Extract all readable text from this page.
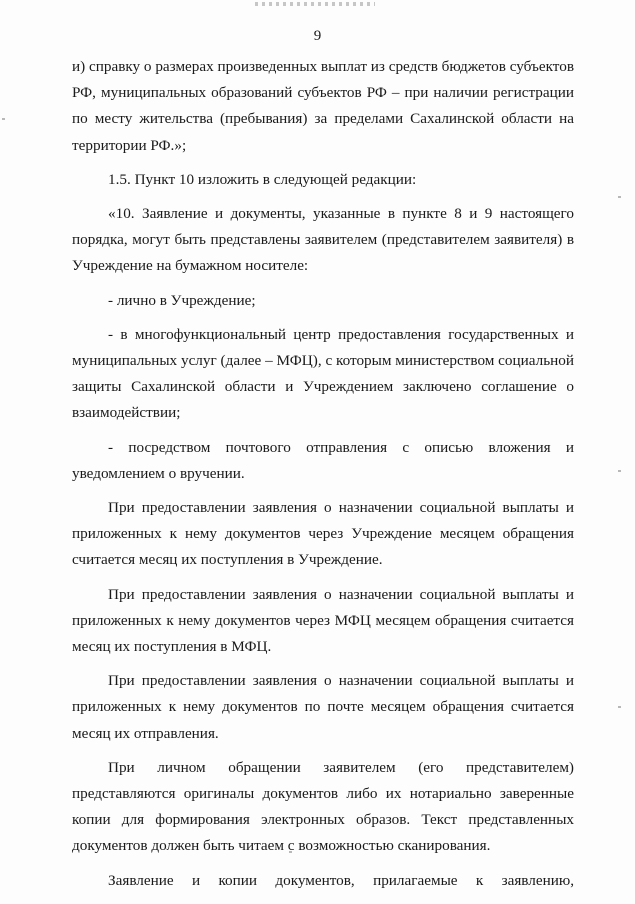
9

и) справку о размерах произведенных выплат из средств бюджетов субъектов РФ, муниципальных образований субъектов РФ – при наличии регистрации по месту жительства (пребывания) за пределами Сахалинской области на территории РФ.»;

1.5. Пункт 10 изложить в следующей редакции:

«10. Заявление и документы, указанные в пункте 8 и 9 настоящего порядка, могут быть представлены заявителем (представителем заявителя) в Учреждение на бумажном носителе:

- лично в Учреждение;

- в многофункциональный центр предоставления государственных и муниципальных услуг (далее – МФЦ), с которым министерством социальной защиты Сахалинской области и Учреждением заключено соглашение о взаимодействии;

- посредством почтового отправления с описью вложения и уведомлением о вручении.

При предоставлении заявления о назначении социальной выплаты и приложенных к нему документов через Учреждение месяцем обращения считается месяц их поступления в Учреждение.

При предоставлении заявления о назначении социальной выплаты и приложенных к нему документов через МФЦ месяцем обращения считается месяц их поступления в МФЦ.

При предоставлении заявления о назначении социальной выплаты и приложенных к нему документов по почте месяцем обращения считается месяц их отправления.

При личном обращении заявителем (его представителем) представляются оригиналы документов либо их нотариально заверенные копии для формирования электронных образов. Текст представленных документов должен быть читаем с возможностью сканирования.

Заявление и копии документов, прилагаемые к заявлению,
